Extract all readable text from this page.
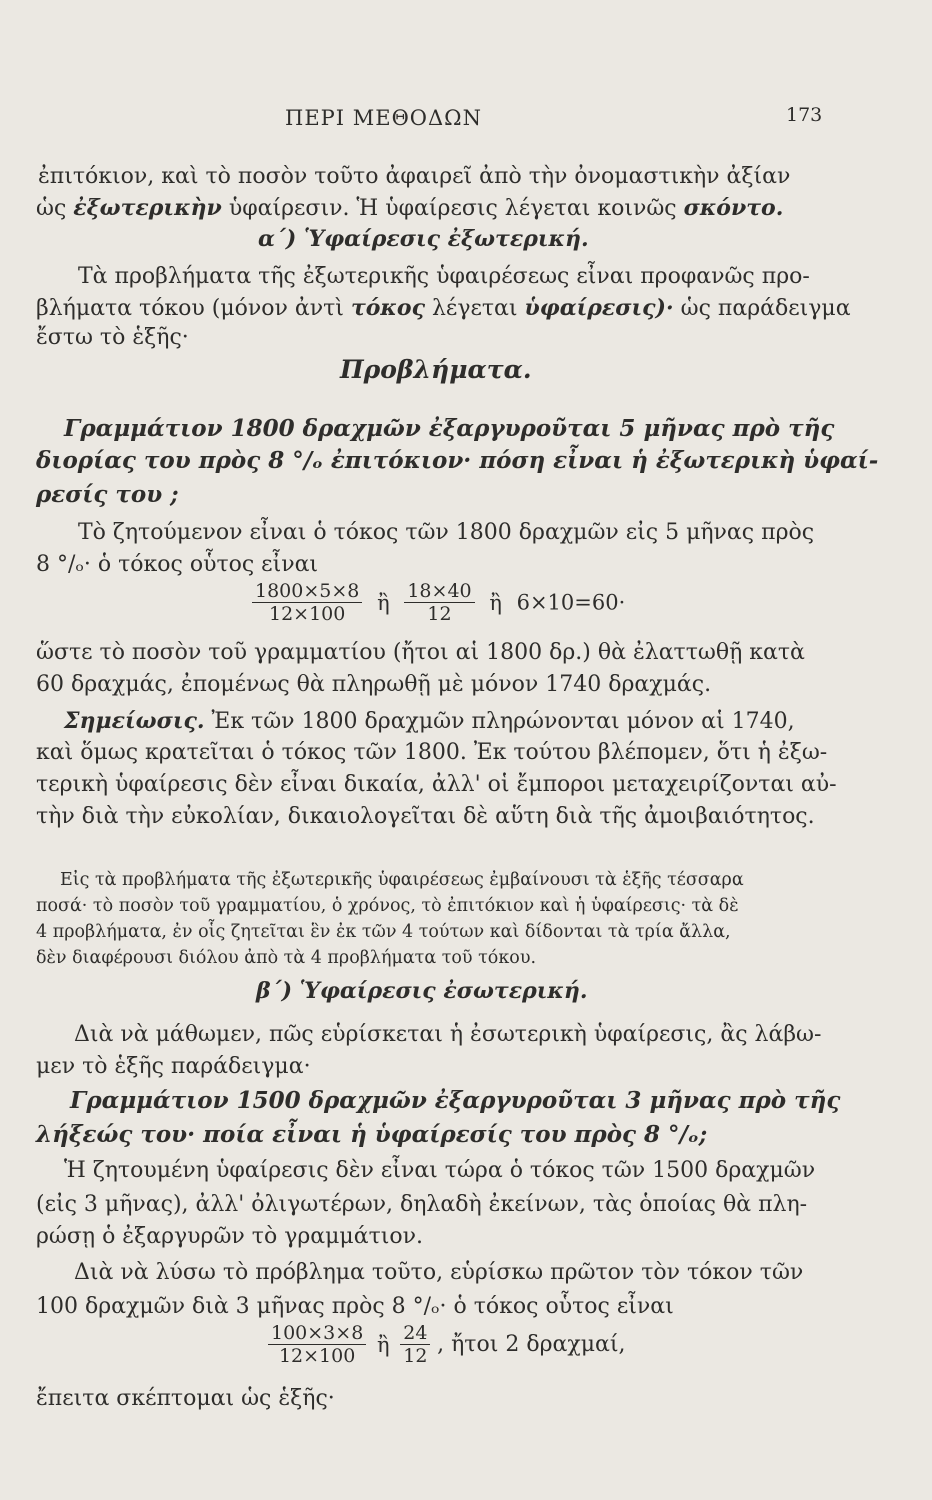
ΠΕΡΙ ΜΕΘΟΔΩΝ	173
ἐπιτόκιον, καὶ τὸ ποσὸν τοῦτο ἀφαιρεῖ ἀπὸ τὴν ὀνομαστικὴν ἀξίαν
ὡς ἐξωτερικὴν ὑφαίρεσιν. Ἡ ὑφαίρεσις λέγεται κοινῶς σκόντο.
α΄) Ὑφαίρεσις ἐξωτερική.
Τὰ προβλήματα τῆς ἐξωτερικῆς ὑφαιρέσεως εἶναι προφανῶς προ-
βλήματα τόκου (μόνον ἀντὶ τόκος λέγεται ὑφαίρεσις)· ὡς παράδειγμα
ἔστω τὸ ἑξῆς·
Προβλήματα.
Γραμμάτιον 1800 δραχμῶν ἐξαργυροῦται 5 μῆνας πρὸ τῆς
διορίας του πρὸς 8 °/ₒ ἐπιτόκιον· πόση εἶναι ἡ ἐξωτερικὴ ὑφαί-
ρεσίς του ;
Τὸ ζητούμενον εἶναι ὁ τόκος τῶν 1800 δραχμῶν εἰς 5 μῆνας πρὸς
8 °/ₒ· ὁ τόκος οὗτος εἶναι
$\frac{1800\times 5\times 8}{12\times 100}$ ἢ $\frac{18\times 40}{12}$ ἢ 6×10=60·
ὥστε τὸ ποσὸν τοῦ γραμματίου (ἤτοι αἱ 1800 δρ.) θὰ ἐλαττωθῇ κατὰ
60 δραχμάς, ἐπομένως θὰ πληρωθῇ μὲ μόνον 1740 δραχμάς.
Σημείωσις. Ἐκ τῶν 1800 δραχμῶν πληρώνονται μόνον αἱ 1740,
καὶ ὅμως κρατεῖται ὁ τόκος τῶν 1800. Ἐκ τούτου βλέπομεν, ὅτι ἡ ἐξω-
τερικὴ ὑφαίρεσις δὲν εἶναι δικαία, ἀλλ' οἱ ἔμποροι μεταχειρίζονται αὐ-
τὴν διὰ τὴν εὐκολίαν, δικαιολογεῖται δὲ αὕτη διὰ τῆς ἀμοιβαιότητος.
Εἰς τὰ προβλήματα τῆς ἐξωτερικῆς ὑφαιρέσεως ἐμβαίνουσι τὰ ἑξῆς τέσσαρα
ποσά· τὸ ποσὸν τοῦ γραμματίου, ὁ χρόνος, τὸ ἐπιτόκιον καὶ ἡ ὑφαίρεσις· τὰ δὲ
4 προβλήματα, ἐν οἷς ζητεῖται ἓν ἐκ τῶν 4 τούτων καὶ δίδονται τὰ τρία ἄλλα,
δὲν διαφέρουσι διόλου ἀπὸ τὰ 4 προβλήματα τοῦ τόκου.
β΄) Ὑφαίρεσις ἐσωτερική.
Διὰ νὰ μάθωμεν, πῶς εὑρίσκεται ἡ ἐσωτερικὴ ὑφαίρεσις, ἂς λάβω-
μεν τὸ ἑξῆς παράδειγμα·
Γραμμάτιον 1500 δραχμῶν ἐξαργυροῦται 3 μῆνας πρὸ τῆς
λήξεώς του· ποία εἶναι ἡ ὑφαίρεσίς του πρὸς 8 °/ₒ;
Ἡ ζητουμένη ὑφαίρεσις δὲν εἶναι τώρα ὁ τόκος τῶν 1500 δραχμῶν
(εἰς 3 μῆνας), ἀλλ' ὀλιγωτέρων, δηλαδὴ ἐκείνων, τὰς ὁποίας θὰ πλη-
ρώσῃ ὁ ἐξαργυρῶν τὸ γραμμάτιον.
Διὰ νὰ λύσω τὸ πρόβλημα τοῦτο, εὑρίσκω πρῶτον τὸν τόκον τῶν
100 δραχμῶν διὰ 3 μῆνας πρὸς 8 °/ₒ· ὁ τόκος οὗτος εἶναι
$\frac{100\times 3\times 8}{12\times 100}$ ἢ $\frac{24}{12}$ , ἤτοι 2 δραχμαί,
ἔπειτα σκέπτομαι ὡς ἑξῆς·
